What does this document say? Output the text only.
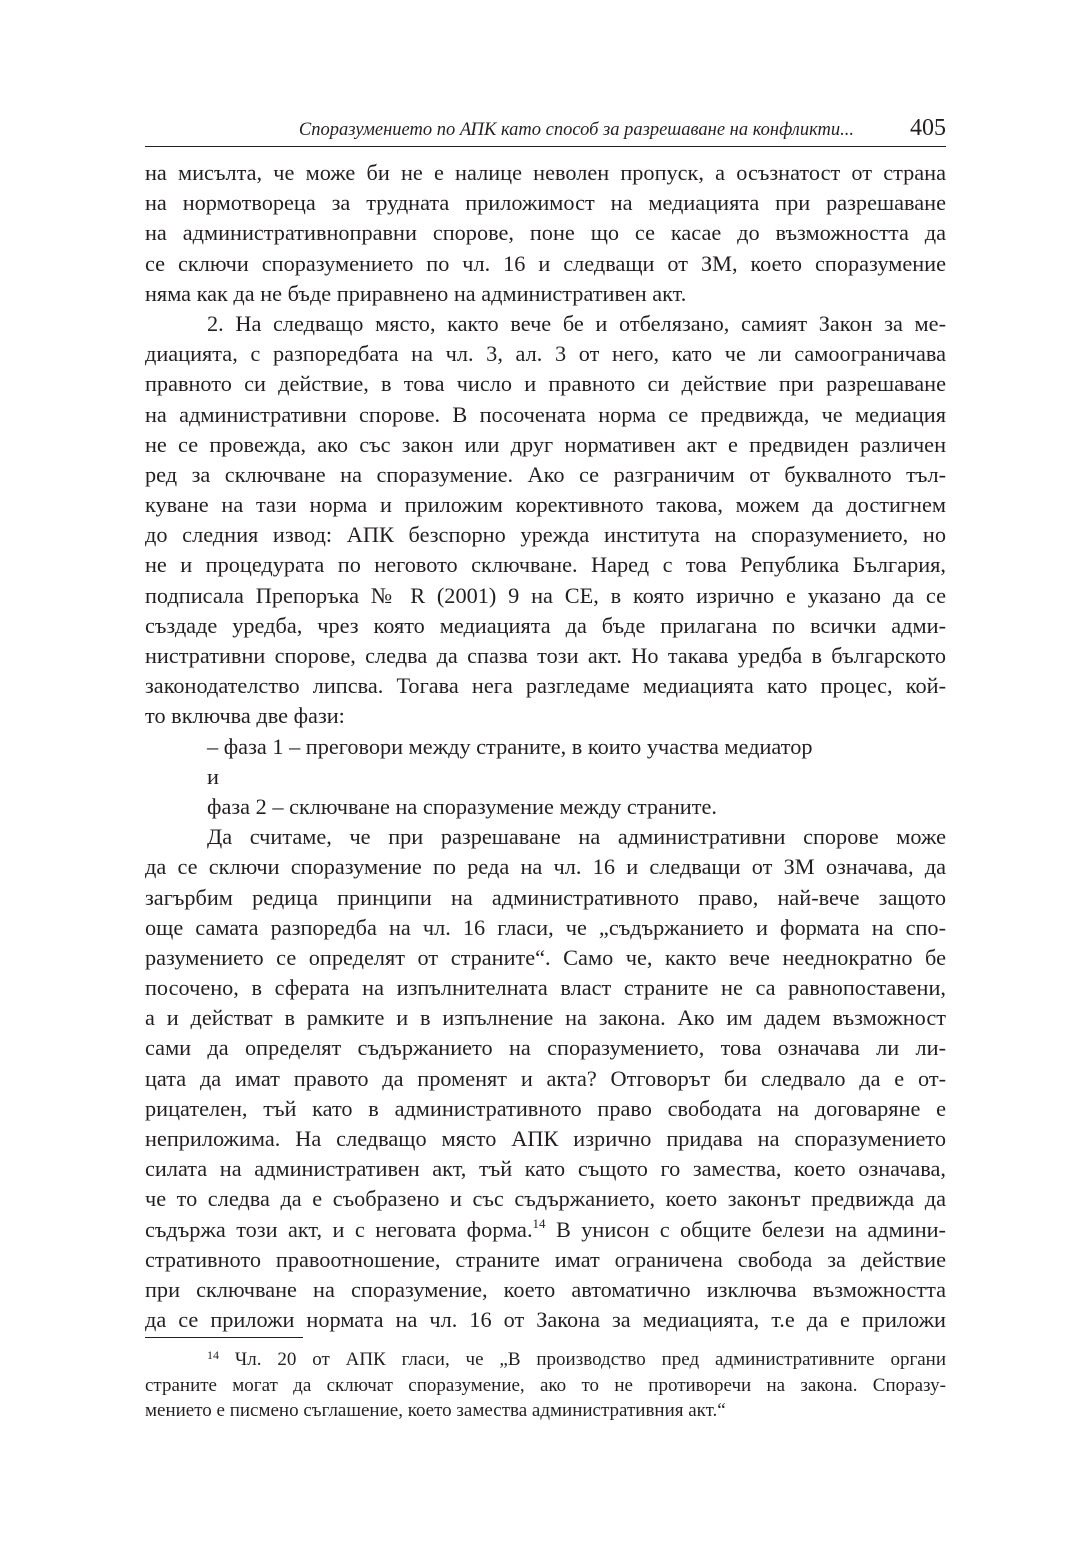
Споразумението по АПК като способ за разрешаване на конфликти... 405
на мисълта, че може би не е налице неволен пропуск, а осъзнатост от страна
на нормотвореца за трудната приложимост на медиацията при разрешаване
на административноправни спорове, поне що се касае до възможността да
се сключи споразумението по чл. 16 и следващи от ЗМ, което споразумение
няма как да не бъде приравнено на административен акт.
2. На следващо място, както вече бе и отбелязано, самият Закон за ме-
диацията, с разпоредбата на чл. 3, ал. 3 от него, като че ли самоограничава
правното си действие, в това число и правното си действие при разрешаване
на административни спорове. В посочената норма се предвижда, че медиация
не се провежда, ако със закон или друг нормативен акт е предвиден различен
ред за сключване на споразумение. Ако се разграничим от буквалното тъл-
куване на тази норма и приложим корективното такова, можем да достигнем
до следния извод: АПК безспорно урежда института на споразумението, но
не и процедурата по неговото сключване. Наред с това Република България,
подписала Препоръка № R (2001) 9 на СЕ, в която изрично е указано да се
създаде уредба, чрез която медиацията да бъде прилагана по всички адми-
нистративни спорове, следва да спазва този акт. Но такава уредба в българското
законодателство липсва. Тогава нега разгледаме медиацията като процес, кой-
то включва две фази:
– фаза 1 – преговори между страните, в които участва медиатор
и
фаза 2 – сключване на споразумение между страните.
Да считаме, че при разрешаване на административни спорове може
да се сключи споразумение по реда на чл. 16 и следващи от ЗМ означава, да
загърбим редица принципи на административното право, най-вече защото
още самата разпоредба на чл. 16 гласи, че „съдържанието и формата на спо-
разумението се определят от страните“. Само че, както вече нееднократно бе
посочено, в сферата на изпълнителната власт страните не са равнопоставени,
а и действат в рамките и в изпълнение на закона. Ако им дадем възможност
сами да определят съдържанието на споразумението, това означава ли ли-
цата да имат правото да променят и акта? Отговорът би следвало да е от-
рицателен, тъй като в административното право свободата на договаряне е
неприложима. На следващо място АПК изрично придава на споразумението
силата на административен акт, тъй като същото го замества, което означава,
че то следва да е съобразено и със съдържанието, което законът предвижда да
съдържа този акт, и с неговата форма.$^{14}$ В унисон с общите белези на админи-
стративното правоотношение, страните имат ограничена свобода за действие
при сключване на споразумение, което автоматично изключва възможността
да се приложи нормата на чл. 16 от Закона за медиацията, т.е да е приложи
$^{14}$ Чл. 20 от АПК гласи, че „В производство пред административните органи
страните могат да сключат споразумение, ако то не противоречи на закона. Споразу-
мението е писмено съглашение, което замества административния акт.“
